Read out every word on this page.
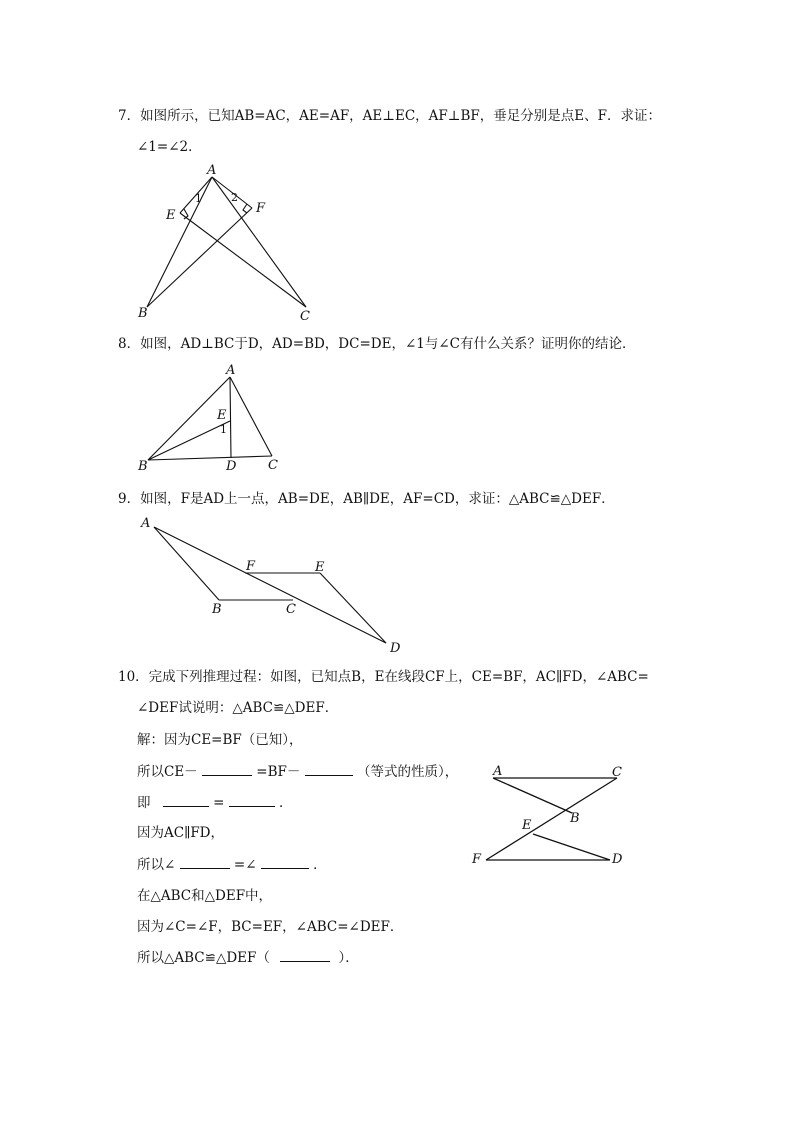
7．如图所示，已知AB=AC，AE=AF，AE⊥EC，AF⊥BF，垂足分别是点E、F．求证：
∠1=∠2．
A
B	C
E	F
1	2
8．如图，AD⊥BC于D，AD=BD，DC=DE，∠1与∠C有什么关系？证明你的结论．
A
B	C
D
E
1
9．如图，F是AD上一点，AB=DE，AB∥DE，AF=CD，求证：△ABC≌△DEF．
A
B	C
D
E
F
10．完成下列推理过程：如图，已知点B，E在线段CF上，CE=BF，AC∥FD，∠ABC=
∠DEF试说明：△ABC≌△DEF．
解：因为CE=BF（已知），
所以CE－	=BF－	（等式的性质），
即	=	．
因为AC∥FD，
所以∠	=∠	．
在△ABC和△DEF中，
因为∠C=∠F，BC=EF，∠ABC=∠DEF．
所以△ABC≌△DEF（	）．
A	C
B
E
F	D
